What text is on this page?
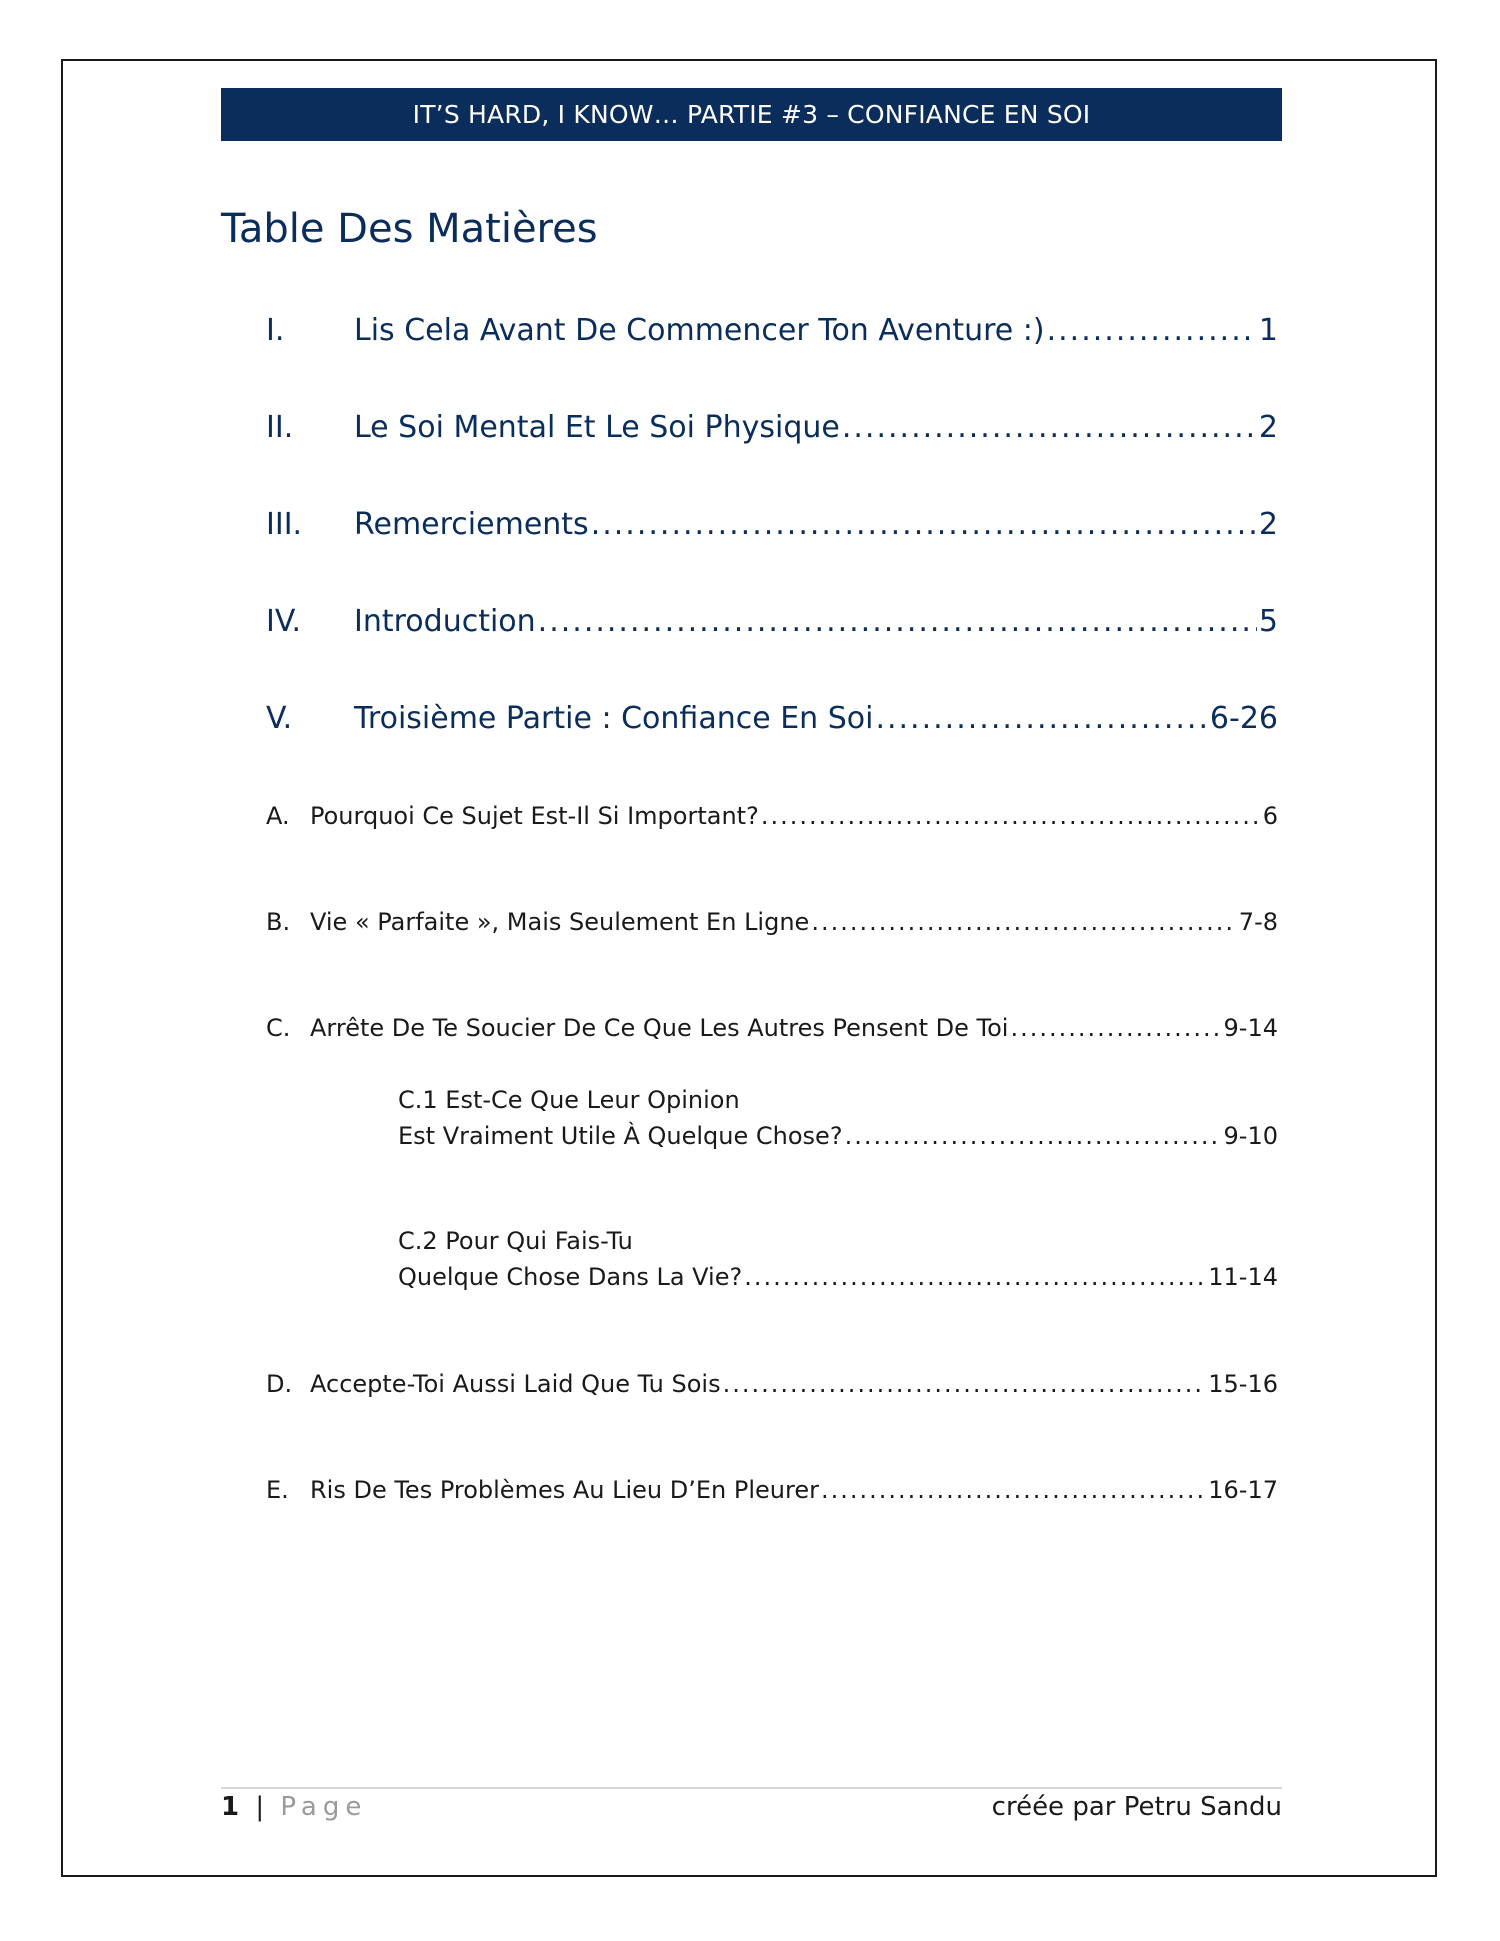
IT’S HARD, I KNOW… PARTIE #3 – CONFIANCE EN SOI
Table Des Matières
I.	Lis Cela Avant De Commencer Ton Aventure :) .....	1
II.	Le Soi Mental Et Le Soi Physique .....	2
III.	Remerciements .....	2
IV.	Introduction .....	5
V.	Troisième Partie : Confiance En Soi .....	6-26
A. Pourquoi Ce Sujet Est-Il Si Important? .....	6
B. Vie « Parfaite », Mais Seulement En Ligne .....	7-8
C. Arrête De Te Soucier De Ce Que Les Autres Pensent De Toi .....	9-14
C.1 Est-Ce Que Leur Opinion
Est Vraiment Utile À Quelque Chose? .....	9-10
C.2 Pour Qui Fais-Tu
Quelque Chose Dans La Vie? .....	11-14
D. Accepte-Toi Aussi Laid Que Tu Sois .....	15-16
E. Ris De Tes Problèmes Au Lieu D’En Pleurer .....	16-17
1 | Page	créée par Petru Sandu
